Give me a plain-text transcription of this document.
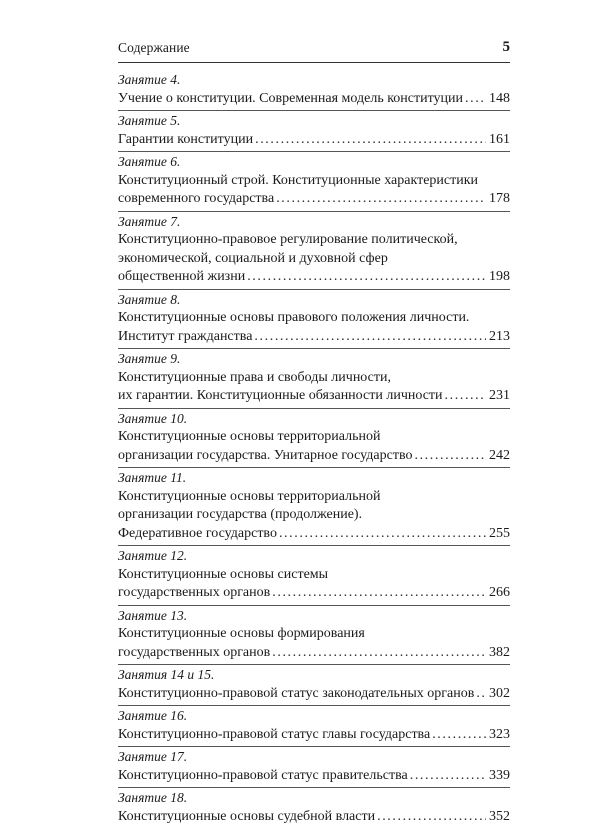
Содержание	5
Занятие 4.
Учение о конституции. Современная модель конституции ..... 148
Занятие 5.
Гарантии конституции .....	161
Занятие 6.
Конституционный строй. Конституционные характеристики
современного государства .....	178
Занятие 7.
Конституционно-правовое регулирование политической,
экономической, социальной и духовной сфер
общественной жизни .....	198
Занятие 8.
Конституционные основы правового положения личности.
Институт гражданства .....	213
Занятие 9.
Конституционные права и свободы личности,
их гарантии. Конституционные обязанности личности .....	231
Занятие 10.
Конституционные основы территориальной
организации государства. Унитарное государство .....	242
Занятие 11.
Конституционные основы территориальной
организации государства (продолжение).
Федеративное государство .....	255
Занятие 12.
Конституционные основы системы
государственных органов .....	266
Занятие 13.
Конституционные основы формирования
государственных органов .....	382
Занятия 14 и 15.
Конституционно-правовой статус законодательных органов ..... 302
Занятие 16.
Конституционно-правовой статус главы государства .....	323
Занятие 17.
Конституционно-правовой статус правительства .....	339
Занятие 18.
Конституционные основы судебной власти .....	352
